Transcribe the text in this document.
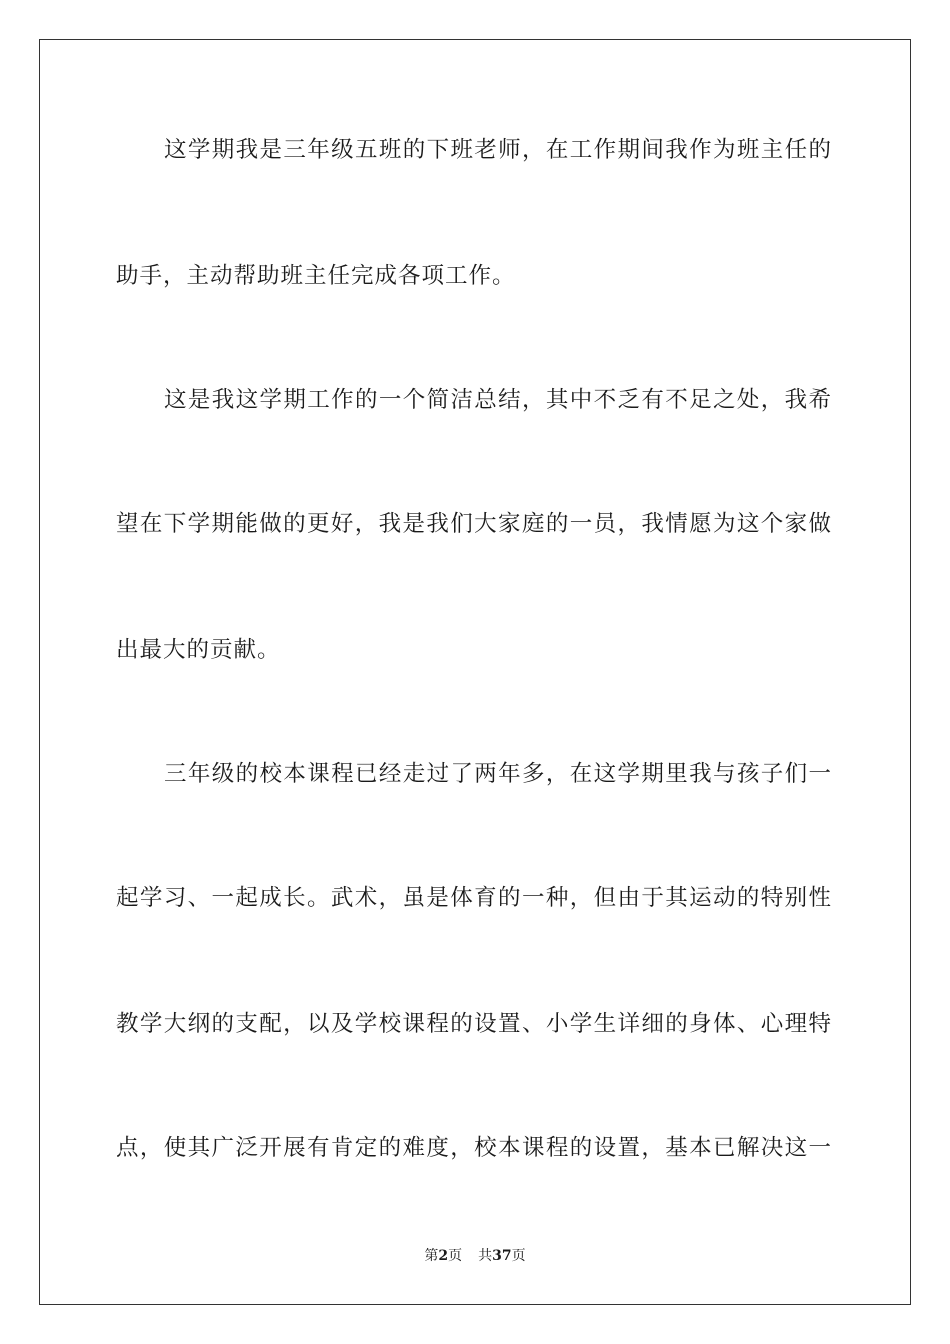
这学期我是三年级五班的下班老师，在工作期间我作为班主任的
助手，主动帮助班主任完成各项工作。
这是我这学期工作的一个简洁总结，其中不乏有不足之处，我希
望在下学期能做的更好，我是我们大家庭的一员，我情愿为这个家做
出最大的贡献。
三年级的校本课程已经走过了两年多，在这学期里我与孩子们一
起学习、一起成长。武术，虽是体育的一种，但由于其运动的特别性
教学大纲的支配，以及学校课程的设置、小学生详细的身体、心理特
点，使其广泛开展有肯定的难度，校本课程的设置，基本已解决这一
第2页 共37页
